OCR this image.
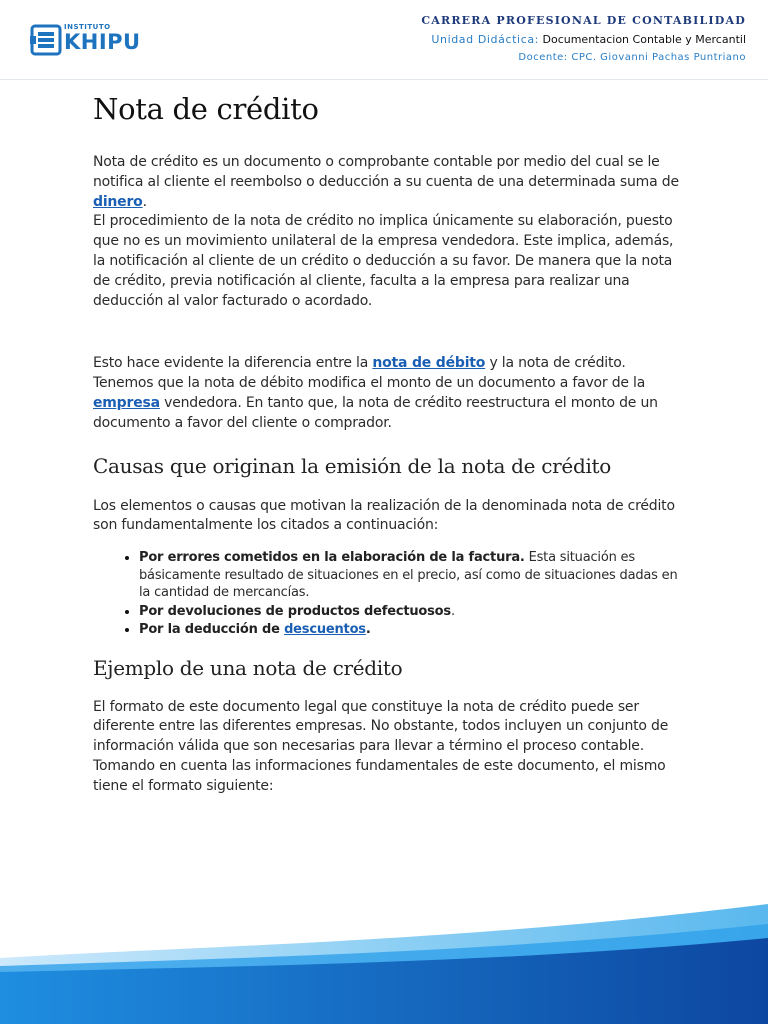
INSTITUTO
KHIPU
CARRERA PROFESIONAL DE CONTABILIDAD
Unidad Didáctica: Documentacion Contable y Mercantil
Docente: CPC. Giovanni Pachas Puntriano
Nota de crédito

Nota de crédito es un documento o comprobante contable por medio del cual se le notifica al cliente el reembolso o deducción a su cuenta de una determinada suma de dinero.
El procedimiento de la nota de crédito no implica únicamente su elaboración, puesto que no es un movimiento unilateral de la empresa vendedora. Este implica, además, la notificación al cliente de un crédito o deducción a su favor. De manera que la nota de crédito, previa notificación al cliente, faculta a la empresa para realizar una deducción al valor facturado o acordado.

Esto hace evidente la diferencia entre la nota de débito y la nota de crédito. Tenemos que la nota de débito modifica el monto de un documento a favor de la empresa vendedora. En tanto que, la nota de crédito reestructura el monto de un documento a favor del cliente o comprador.

Causas que originan la emisión de la nota de crédito

Los elementos o causas que motivan la realización de la denominada nota de crédito son fundamentalmente los citados a continuación:

• Por errores cometidos en la elaboración de la factura. Esta situación es básicamente resultado de situaciones en el precio, así como de situaciones dadas en la cantidad de mercancías.
• Por devoluciones de productos defectuosos.
• Por la deducción de descuentos.
Ejemplo de una nota de crédito

El formato de este documento legal que constituye la nota de crédito puede ser diferente entre las diferentes empresas. No obstante, todos incluyen un conjunto de información válida que son necesarias para llevar a término el proceso contable. Tomando en cuenta las informaciones fundamentales de este documento, el mismo tiene el formato siguiente:
